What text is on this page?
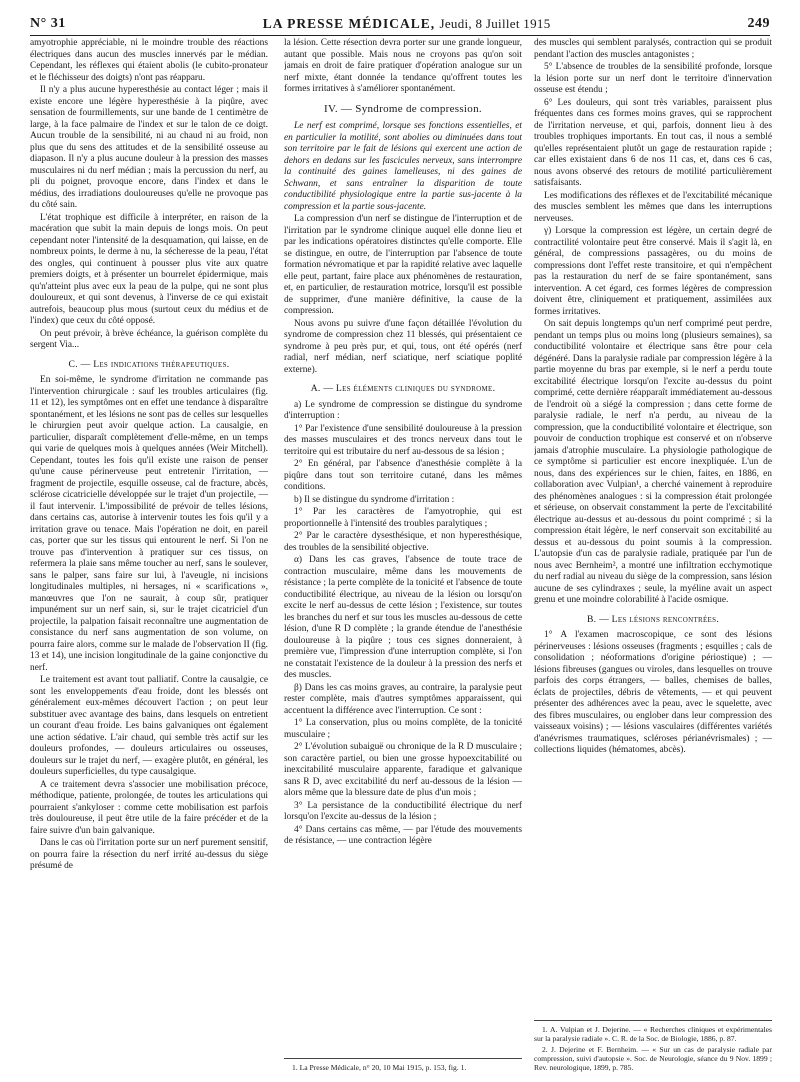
N° 31	LA PRESSE MÉDICALE, Jeudi, 8 Juillet 1915	249

amyotrophie appréciable, ni le moindre trouble des réactions électriques dans aucun des muscles innervés par le médian. Cependant, les réflexes qui étaient abolis (le cubito-pronateur et le fléchisseur des doigts) n'ont pas réapparu.

Il n'y a plus aucune hyperesthésie au contact léger ; mais il existe encore une légère hyperesthésie à la piqûre, avec sensation de fourmillements, sur une bande de 1 centimètre de large, à la face palmaire de l'index et sur le talon de ce doigt. Aucun trouble de la sensibilité, ni au chaud ni au froid, non plus que du sens des attitudes et de la sensibilité osseuse au diapason. Il n'y a plus aucune douleur à la pression des masses musculaires ni du nerf médian ; mais la percussion du nerf, au pli du poignet, provoque encore, dans l'index et dans le médius, des irradiations douloureuses qu'elle ne provoque pas du côté sain.

L'état trophique est difficile à interpréter, en raison de la macération que subit la main depuis de longs mois. On peut cependant noter l'intensité de la desquamation, qui laisse, en de nombreux points, le derme à nu, la sécheresse de la peau, l'état des ongles, qui continuent à pousser plus vite aux quatre premiers doigts, et à présenter un bourrelet épidermique, mais qu'n'atteint plus avec eux la peau de la pulpe, qui ne sont plus douloureux, et qui sont devenus, à l'inverse de ce qui existait autrefois, beaucoup plus mous (surtout ceux du médius et de l'index) que ceux du côté opposé.

On peut prévoir, à brève échéance, la guérison complète du sergent Via...

C. — Les indications thérapeutiques.

En soi-même, le syndrome d'irritation ne commande pas l'intervention chirurgicale : sauf les troubles articulaires (fig. 11 et 12), les symptômes ont en effet une tendance à disparaître spontanément, et les lésions ne sont pas de celles sur lesquelles le chirurgien peut avoir quelque action. La causalgie, en particulier, disparaît complètement d'elle-même, en un temps qui varie de quelques mois à quelques années (Weir Mitchell). Cependant, toutes les fois qu'il existe une raison de penser qu'une cause périnerveuse peut entretenir l'irritation, — fragment de projectile, esquille osseuse, cal de fracture, abcès, sclérose cicatricielle développée sur le trajet d'un projectile, — il faut intervenir. L'impossibilité de prévoir de telles lésions, dans certains cas, autorise à intervenir toutes les fois qu'il y a irritation grave ou tenace. Mais l'opération ne doit, en pareil cas, porter que sur les tissus qui entourent le nerf. Si l'on ne trouve pas d'intervention à pratiquer sur ces tissus, on refermera la plaie sans même toucher au nerf, sans le soulever, sans le palper, sans faire sur lui, à l'aveugle, ni incisions longitudinales multiples, ni hersages, ni « scarifications », manœuvres que l'on ne saurait, à coup sûr, pratiquer impunément sur un nerf sain, si, sur le trajet cicatriciel d'un projectile, la palpation faisait reconnaître une augmentation de consistance du nerf sans augmentation de son volume, on pourra faire alors, comme sur le malade de l'observation II (fig. 13 et 14), une incision longitudinale de la gaine conjonctive du nerf.

Le traitement est avant tout palliatif. Contre la causalgie, ce sont les enveloppements d'eau froide, dont les blessés ont généralement eux-mêmes découvert l'action ; on peut leur substituer avec avantage des bains, dans lesquels on entretient un courant d'eau froide. Les bains galvaniques ont également une action sédative. L'air chaud, qui semble très actif sur les douleurs profondes, — douleurs articulaires ou osseuses, douleurs sur le trajet du nerf, — exagère plutôt, en général, les douleurs superficielles, du type causalgique.

A ce traitement devra s'associer une mobilisation précoce, méthodique, patiente, prolongée, de toutes les articulations qui pourraient s'ankyloser : comme cette mobilisation est parfois très douloureuse, il peut être utile de la faire précéder et de la faire suivre d'un bain galvanique.

Dans le cas où l'irritation porte sur un nerf purement sensitif, on pourra faire la résection du nerf irrité au-dessus du siège présumé de

la lésion. Cette résection devra porter sur une grande longueur, autant que possible. Mais nous ne croyons pas qu'on soit jamais en droit de faire pratiquer d'opération analogue sur un nerf mixte, étant donnée la tendance qu'offrent toutes les formes irritatives à s'améliorer spontanément.

IV. — Syndrome de compression.

Le nerf est comprimé, lorsque ses fonctions essentielles, et en particulier la motilité, sont abolies ou diminuées dans tout son territoire par le fait de lésions qui exercent une action de dehors en dedans sur les fascicules nerveux, sans interrompre la continuité des gaines lamelleuses, ni des gaines de Schwann, et sans entraîner la disparition de toute conductibilité physiologique entre la partie sus-jacente à la compression et la partie sous-jacente.

La compression d'un nerf se distingue de l'interruption et de l'irritation par le syndrome clinique auquel elle donne lieu et par les indications opératoires distinctes qu'elle comporte. Elle se distingue, en outre, de l'interruption par l'absence de toute formation névromatique et par la rapidité relative avec laquelle elle peut, partant, faire place aux phénomènes de restauration, et, en particulier, de restauration motrice, lorsqu'il est possible de supprimer, d'une manière définitive, la cause de la compression.

Nous avons pu suivre d'une façon détaillée l'évolution du syndrome de compression chez 11 blessés, qui présentaient ce syndrome à peu près pur, et qui, tous, ont été opérés (nerf radial, nerf médian, nerf sciatique, nerf sciatique poplité externe).

A. — Les éléments cliniques du syndrome.

a) Le syndrome de compression se distingue du syndrome d'interruption :

1° Par l'existence d'une sensibilité douloureuse à la pression des masses musculaires et des troncs nerveux dans tout le territoire qui est tributaire du nerf au-dessous de sa lésion ;

2° En général, par l'absence d'anesthésie complète à la piqûre dans tout son territoire cutané, dans les mêmes conditions.

b) Il se distingue du syndrome d'irritation :

1° Par les caractères de l'amyotrophie, qui est proportionnelle à l'intensité des troubles paralytiques ;

2° Par le caractère dysesthésique, et non hyperesthésique, des troubles de la sensibilité objective.

α) Dans les cas graves, l'absence de toute trace de contraction musculaire, même dans les mouvements de résistance ; la perte complète de la tonicité et l'absence de toute conductibilité électrique, au niveau de la lésion ou lorsqu'on excite le nerf au-dessus de cette lésion ; l'existence, sur toutes les branches du nerf et sur tous les muscles au-dessous de cette lésion, d'une R D complète ; la grande étendue de l'anesthésie douloureuse à la piqûre ; tous ces signes donneraient, à première vue, l'impression d'une interruption complète, si l'on ne constatait l'existence de la douleur à la pression des nerfs et des muscles.

β) Dans les cas moins graves, au contraire, la paralysie peut rester complète, mais d'autres symptômes apparaissent, qui accentuent la différence avec l'interruption. Ce sont :

1° La conservation, plus ou moins complète, de la tonicité musculaire ;

2° L'évolution subaiguë ou chronique de la R D musculaire ; son caractère partiel, ou bien une grosse hypoexcitabilité ou inexcitabilité musculaire apparente, faradique et galvanique sans R D, avec excitabilité du nerf au-dessous de la lésion — alors même que la blessure date de plus d'un mois ;

3° La persistance de la conductibilité électrique du nerf lorsqu'on l'excite au-dessus de la lésion ;

4° Dans certains cas même, — par l'étude des mouvements de résistance, — une contraction légère

1. La Presse Médicale, n° 20, 10 Mai 1915, p. 153, fig. 1.

des muscles qui semblent paralysés, contraction qui se produit pendant l'action des muscles antagonistes ;

5° L'absence de troubles de la sensibilité profonde, lorsque la lésion porte sur un nerf dont le territoire d'innervation osseuse est étendu ;

6° Les douleurs, qui sont très variables, paraissent plus fréquentes dans ces formes moins graves, qui se rapprochent de l'irritation nerveuse, et qui, parfois, donnent lieu à des troubles trophiques importants. En tout cas, il nous a semblé qu'elles représentaient plutôt un gage de restauration rapide ; car elles existaient dans 6 de nos 11 cas, et, dans ces 6 cas, nous avons observé des retours de motilité particulièrement satisfaisants.

Les modifications des réflexes et de l'excitabilité mécanique des muscles semblent les mêmes que dans les interruptions nerveuses.

γ) Lorsque la compression est légère, un certain degré de contractilité volontaire peut être conservé. Mais il s'agit là, en général, de compressions passagères, ou du moins de compressions dont l'effet reste transitoire, et qui n'empêchent pas la restauration du nerf de se faire spontanément, sans intervention. A cet égard, ces formes légères de compression doivent être, cliniquement et pratiquement, assimilées aux formes irritatives.

On sait depuis longtemps qu'un nerf comprimé peut perdre, pendant un temps plus ou moins long (plusieurs semaines), sa conductibilité volontaire et électrique sans être pour cela dégénéré. Dans la paralysie radiale par compression légère à la partie moyenne du bras par exemple, si le nerf a perdu toute excitabilité électrique lorsqu'on l'excite au-dessus du point comprimé, cette dernière réapparaît immédiatement au-dessous de l'endroit où a siégé la compression ; dans cette forme de paralysie radiale, le nerf n'a perdu, au niveau de la compression, que la conductibilité volontaire et électrique, son pouvoir de conduction trophique est conservé et on n'observe jamais d'atrophie musculaire. La physiologie pathologique de ce symptôme si particulier est encore inexpliquée. L'un de nous, dans des expériences sur le chien, faites, en 1886, en collaboration avec Vulpian¹, a cherché vainement à reproduire des phénomènes analogues : si la compression était prolongée et sérieuse, on observait constamment la perte de l'excitabilité électrique au-dessus et au-dessous du point comprimé ; si la compression était légère, le nerf conservait son excitabilité au dessus et au-dessous du point soumis à la compression. L'autopsie d'un cas de paralysie radiale, pratiquée par l'un de nous avec Bernheim², a montré une infiltration ecchymotique du nerf radial au niveau du siège de la compression, sans lésion aucune de ses cylindraxes ; seule, la myéline avait un aspect grenu et une moindre colorabilité à l'acide osmique.

B. — Les lésions rencontrées.

1° A l'examen macroscopique, ce sont des lésions périnerveuses : lésions osseuses (fragments ; esquilles ; cals de consolidation ; néoformations d'origine périostique) ; — lésions fibreuses (gangues ou viroles, dans lesquelles on trouve parfois des corps étrangers, — balles, chemises de balles, éclats de projectiles, débris de vêtements, — et qui peuvent présenter des adhérences avec la peau, avec le squelette, avec des fibres musculaires, ou englober dans leur compression des vaisseaux voisins) ; — lésions vasculaires (différentes variétés d'anévrismes traumatiques, scléroses périanévrismales) ; — collections liquides (hématomes, abcès).

1. A. Vulpian et J. Dejerine. — « Recherches cliniques et expérimentales sur la paralysie radiale ». C. R. de la Soc. de Biologie, 1886, p. 87.

2. J. Dejerine et F. Bernheim. — « Sur un cas de paralysie radiale par compression, suivi d'autopsie ». Soc. de Neurologie, séance du 9 Nov. 1899 ; Rev. neurologique, 1899, p. 785.
